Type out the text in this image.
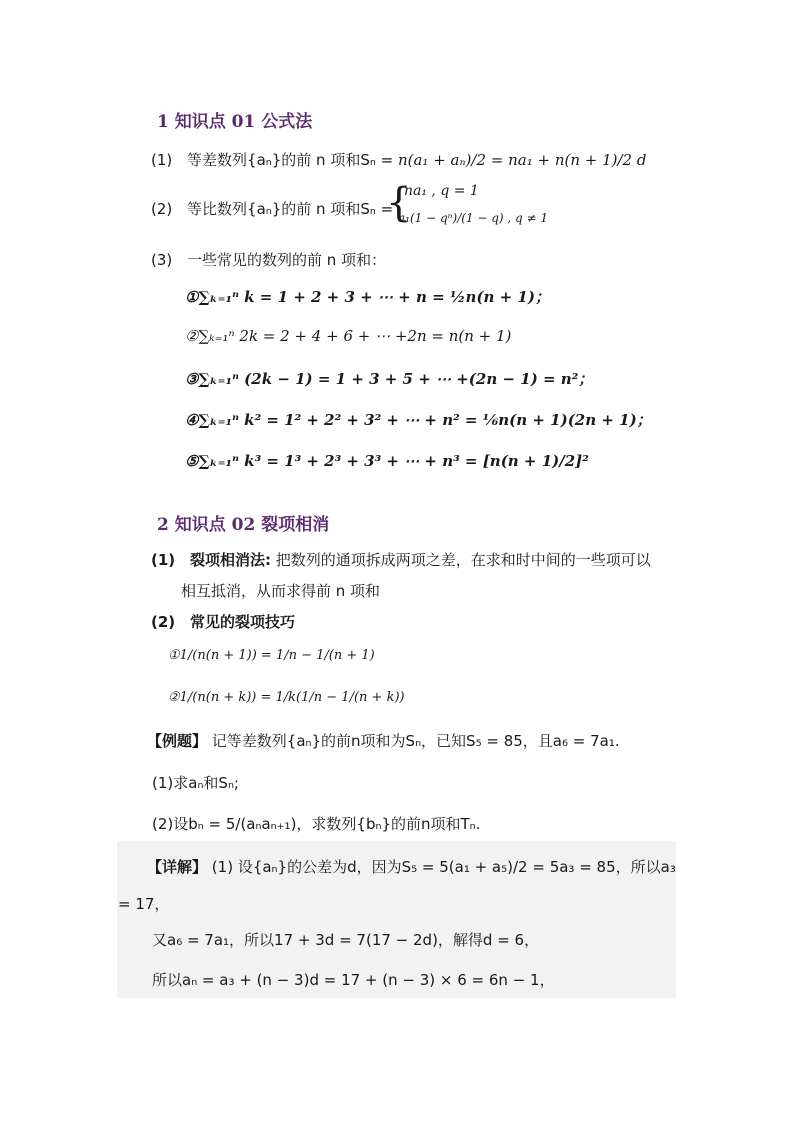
1 知识点 01 公式法
(1) 等差数列{aₙ}的前 n 项和Sₙ = n(a₁ + aₙ)/2 = na₁ + n(n + 1)/2 d
(2) 等比数列{aₙ}的前 n 项和Sₙ =
{
na₁ , q = 1
a₁(1 − qⁿ)/(1 − q) , q ≠ 1
(3) 一些常见的数列的前 n 项和：
①∑ₖ₌₁ⁿ k = 1 + 2 + 3 + ⋯ + n = ½n(n + 1)；
②∑ₖ₌₁ⁿ 2k = 2 + 4 + 6 + ⋯ +2n = n(n + 1)
③∑ₖ₌₁ⁿ (2k − 1) = 1 + 3 + 5 + ⋯ +(2n − 1) = n²；
④∑ₖ₌₁ⁿ k² = 1² + 2² + 3² + ⋯ + n² = ⅙n(n + 1)(2n + 1)；
⑤∑ₖ₌₁ⁿ k³ = 1³ + 2³ + 3³ + ⋯ + n³ = [n(n + 1)/2]²
2 知识点 02 裂项相消
(1) 裂项相消法: 把数列的通项拆成两项之差，在求和时中间的一些项可以
相互抵消，从而求得前 n 项和
(2) 常见的裂项技巧
①1/(n(n + 1)) = 1/n − 1/(n + 1)
②1/(n(n + k)) = 1/k(1/n − 1/(n + k))
【例题】 记等差数列{aₙ}的前n项和为Sₙ，已知S₅ = 85，且a₆ = 7a₁.
(1)求aₙ和Sₙ;
(2)设bₙ = 5/(aₙaₙ₊₁)，求数列{bₙ}的前n项和Tₙ.
【详解】 (1) 设{aₙ}的公差为d，因为S₅ = 5(a₁ + a₅)/2 = 5a₃ = 85，所以a₃
= 17，
又a₆ = 7a₁，所以17 + 3d = 7(17 − 2d)，解得d = 6，
所以aₙ = a₃ + (n − 3)d = 17 + (n − 3) × 6 = 6n − 1，
